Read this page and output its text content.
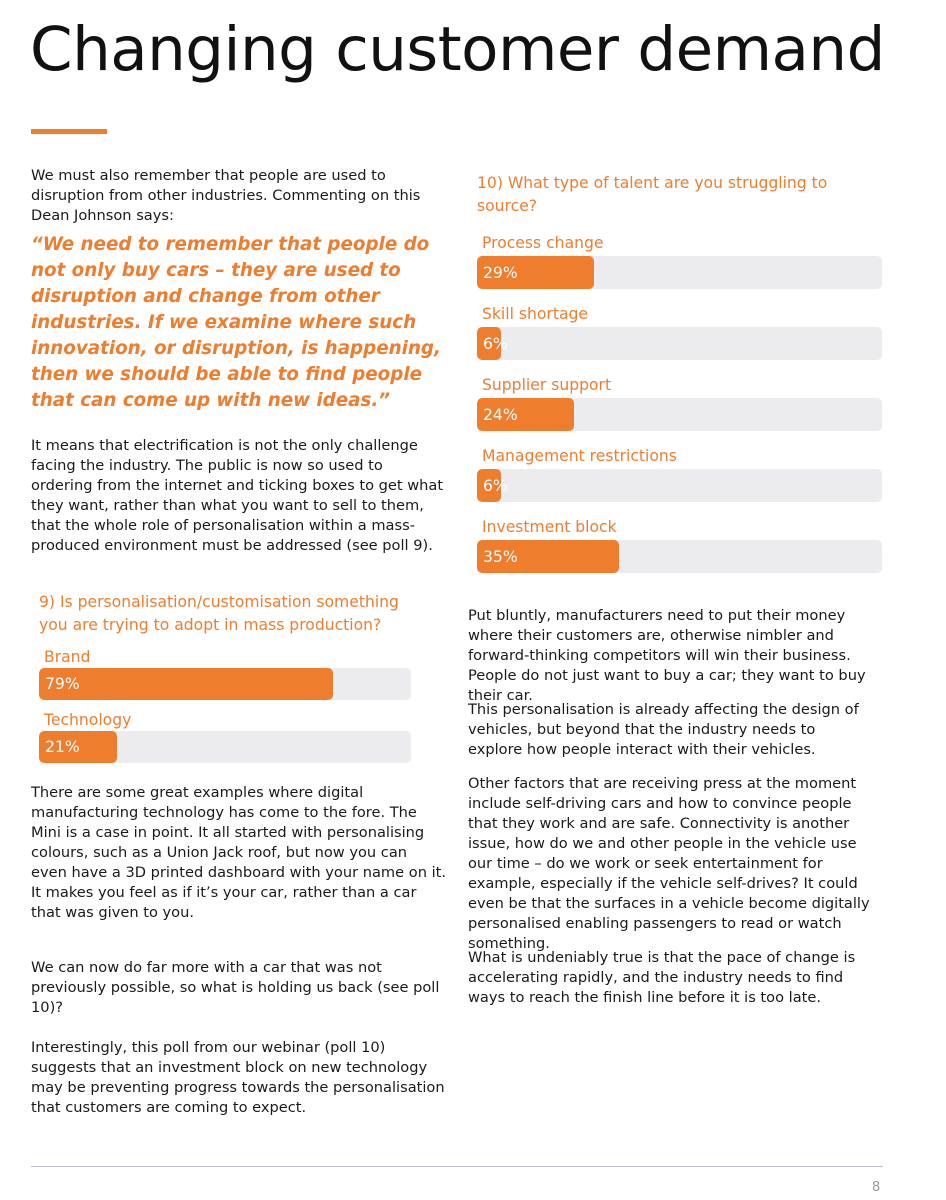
Changing customer demand

We must also remember that people are used to disruption from other industries. Commenting on this Dean Johnson says:

“We need to remember that people do not only buy cars – they are used to disruption and change from other industries. If we examine where such innovation, or disruption, is happening, then we should be able to find people that can come up with new ideas.”

It means that electrification is not the only challenge facing the industry. The public is now so used to ordering from the internet and ticking boxes to get what they want, rather than what you want to sell to them, that the whole role of personalisation within a mass-produced environment must be addressed (see poll 9).

9) Is personalisation/customisation something you are trying to adopt in mass production?

Brand
79%
Technology
21%

There are some great examples where digital manufacturing technology has come to the fore. The Mini is a case in point. It all started with personalising colours, such as a Union Jack roof, but now you can even have a 3D printed dashboard with your name on it. It makes you feel as if it’s your car, rather than a car that was given to you.

We can now do far more with a car that was not previously possible, so what is holding us back (see poll 10)?

Interestingly, this poll from our webinar (poll 10) suggests that an investment block on new technology may be preventing progress towards the personalisation that customers are coming to expect.

10) What type of talent are you struggling to source?

Process change
29%
Skill shortage
6%
Supplier support
24%
Management restrictions
6%
Investment block
35%

Put bluntly, manufacturers need to put their money where their customers are, otherwise nimbler and forward-thinking competitors will win their business. People do not just want to buy a car; they want to buy their car.

This personalisation is already affecting the design of vehicles, but beyond that the industry needs to explore how people interact with their vehicles.

Other factors that are receiving press at the moment include self-driving cars and how to convince people that they work and are safe. Connectivity is another issue, how do we and other people in the vehicle use our time – do we work or seek entertainment for example, especially if the vehicle self-drives? It could even be that the surfaces in a vehicle become digitally personalised enabling passengers to read or watch something.

What is undeniably true is that the pace of change is accelerating rapidly, and the industry needs to find ways to reach the finish line before it is too late.

8
